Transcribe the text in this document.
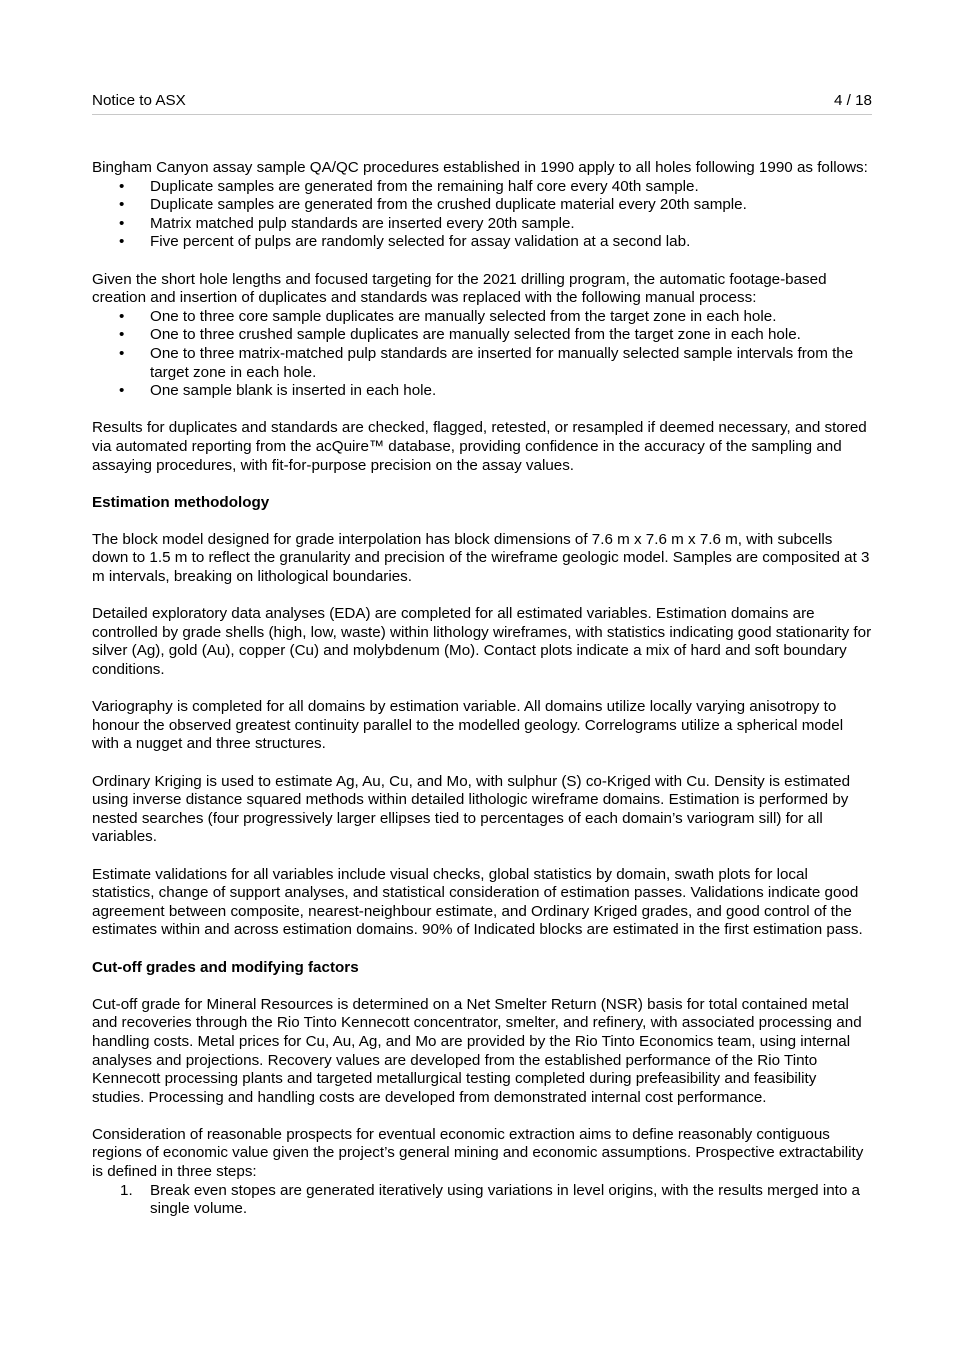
Notice to ASX	4 / 18

Bingham Canyon assay sample QA/QC procedures established in 1990 apply to all holes following 1990 as follows:

• Duplicate samples are generated from the remaining half core every 40th sample.
• Duplicate samples are generated from the crushed duplicate material every 20th sample.
• Matrix matched pulp standards are inserted every 20th sample.
• Five percent of pulps are randomly selected for assay validation at a second lab.

Given the short hole lengths and focused targeting for the 2021 drilling program, the automatic footage-based creation and insertion of duplicates and standards was replaced with the following manual process:

• One to three core sample duplicates are manually selected from the target zone in each hole.
• One to three crushed sample duplicates are manually selected from the target zone in each hole.
• One to three matrix-matched pulp standards are inserted for manually selected sample intervals from the target zone in each hole.
• One sample blank is inserted in each hole.

Results for duplicates and standards are checked, flagged, retested, or resampled if deemed necessary, and stored via automated reporting from the acQuire™ database, providing confidence in the accuracy of the sampling and assaying procedures, with fit-for-purpose precision on the assay values.

Estimation methodology

The block model designed for grade interpolation has block dimensions of 7.6 m x 7.6 m x 7.6 m, with subcells down to 1.5 m to reflect the granularity and precision of the wireframe geologic model. Samples are composited at 3 m intervals, breaking on lithological boundaries.

Detailed exploratory data analyses (EDA) are completed for all estimated variables. Estimation domains are controlled by grade shells (high, low, waste) within lithology wireframes, with statistics indicating good stationarity for silver (Ag), gold (Au), copper (Cu) and molybdenum (Mo). Contact plots indicate a mix of hard and soft boundary conditions.

Variography is completed for all domains by estimation variable. All domains utilize locally varying anisotropy to honour the observed greatest continuity parallel to the modelled geology. Correlograms utilize a spherical model with a nugget and three structures.

Ordinary Kriging is used to estimate Ag, Au, Cu, and Mo, with sulphur (S) co-Kriged with Cu. Density is estimated using inverse distance squared methods within detailed lithologic wireframe domains. Estimation is performed by nested searches (four progressively larger ellipses tied to percentages of each domain’s variogram sill) for all variables.

Estimate validations for all variables include visual checks, global statistics by domain, swath plots for local statistics, change of support analyses, and statistical consideration of estimation passes. Validations indicate good agreement between composite, nearest-neighbour estimate, and Ordinary Kriged grades, and good control of the estimates within and across estimation domains. 90% of Indicated blocks are estimated in the first estimation pass.

Cut-off grades and modifying factors

Cut-off grade for Mineral Resources is determined on a Net Smelter Return (NSR) basis for total contained metal and recoveries through the Rio Tinto Kennecott concentrator, smelter, and refinery, with associated processing and handling costs. Metal prices for Cu, Au, Ag, and Mo are provided by the Rio Tinto Economics team, using internal analyses and projections. Recovery values are developed from the established performance of the Rio Tinto Kennecott processing plants and targeted metallurgical testing completed during prefeasibility and feasibility studies. Processing and handling costs are developed from demonstrated internal cost performance.

Consideration of reasonable prospects for eventual economic extraction aims to define reasonably contiguous regions of economic value given the project’s general mining and economic assumptions. Prospective extractability is defined in three steps:

1. Break even stopes are generated iteratively using variations in level origins, with the results merged into a single volume.
